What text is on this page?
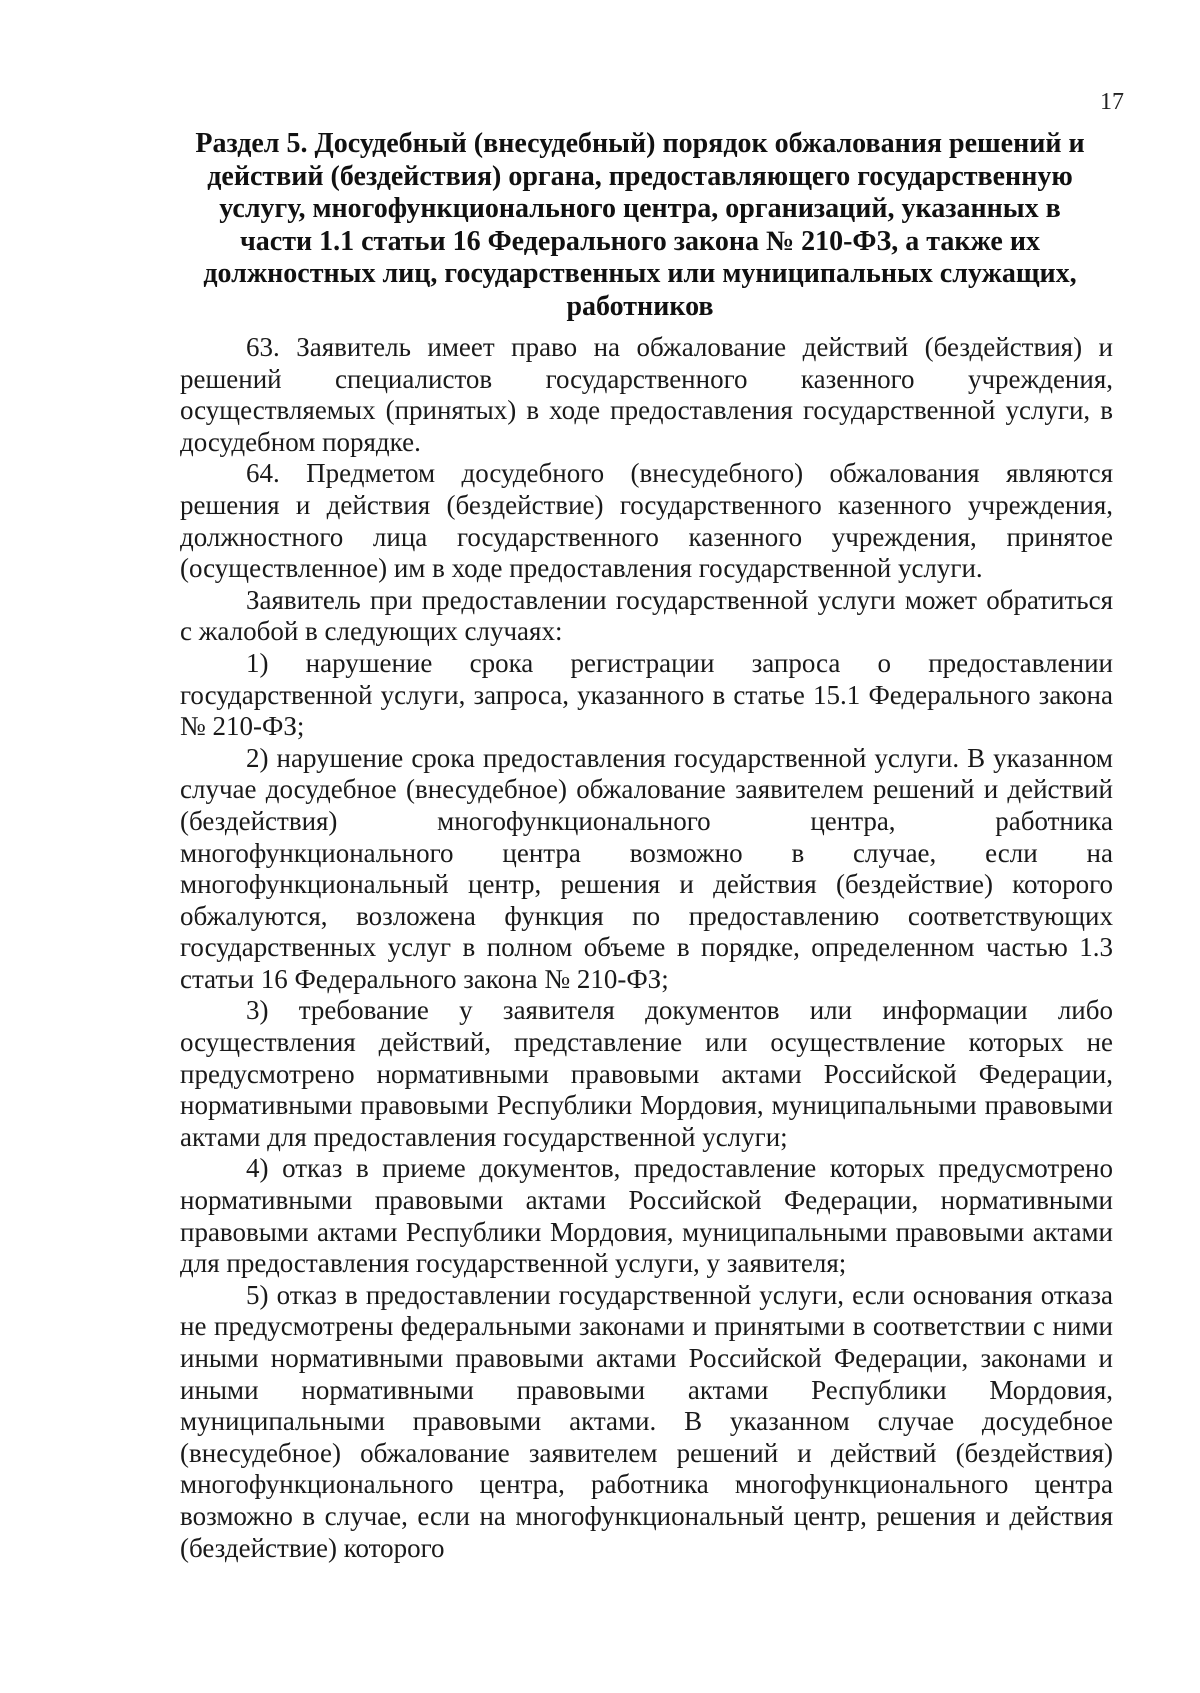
17
Раздел 5. Досудебный (внесудебный) порядок обжалования решений и действий (бездействия) органа, предоставляющего государственную услугу, многофункционального центра, организаций, указанных в части 1.1 статьи 16 Федерального закона № 210-ФЗ, а также их должностных лиц, государственных или муниципальных служащих, работников

63. Заявитель имеет право на обжалование действий (бездействия) и решений специалистов государственного казенного учреждения, осуществляемых (принятых) в ходе предоставления государственной услуги, в досудебном порядке.

64. Предметом досудебного (внесудебного) обжалования являются решения и действия (бездействие) государственного казенного учреждения, должностного лица государственного казенного учреждения, принятое (осуществленное) им в ходе предоставления государственной услуги.

Заявитель при предоставлении государственной услуги может обратиться с жалобой в следующих случаях:

1) нарушение срока регистрации запроса о предоставлении государственной услуги, запроса, указанного в статье 15.1 Федерального закона № 210-ФЗ;

2) нарушение срока предоставления государственной услуги. В указанном случае досудебное (внесудебное) обжалование заявителем решений и действий (бездействия) многофункционального центра, работника многофункционального центра возможно в случае, если на многофункциональный центр, решения и действия (бездействие) которого обжалуются, возложена функция по предоставлению соответствующих государственных услуг в полном объеме в порядке, определенном частью 1.3 статьи 16 Федерального закона № 210-ФЗ;

3) требование у заявителя документов или информации либо осуществления действий, представление или осуществление которых не предусмотрено нормативными правовыми актами Российской Федерации, нормативными правовыми Республики Мордовия, муниципальными правовыми актами для предоставления государственной услуги;

4) отказ в приеме документов, предоставление которых предусмотрено нормативными правовыми актами Российской Федерации, нормативными правовыми актами Республики Мордовия, муниципальными правовыми актами для предоставления государственной услуги, у заявителя;

5) отказ в предоставлении государственной услуги, если основания отказа не предусмотрены федеральными законами и принятыми в соответствии с ними иными нормативными правовыми актами Российской Федерации, законами и иными нормативными правовыми актами Республики Мордовия, муниципальными правовыми актами. В указанном случае досудебное (внесудебное) обжалование заявителем решений и действий (бездействия) многофункционального центра, работника многофункционального центра возможно в случае, если на многофункциональный центр, решения и действия (бездействие) которого
